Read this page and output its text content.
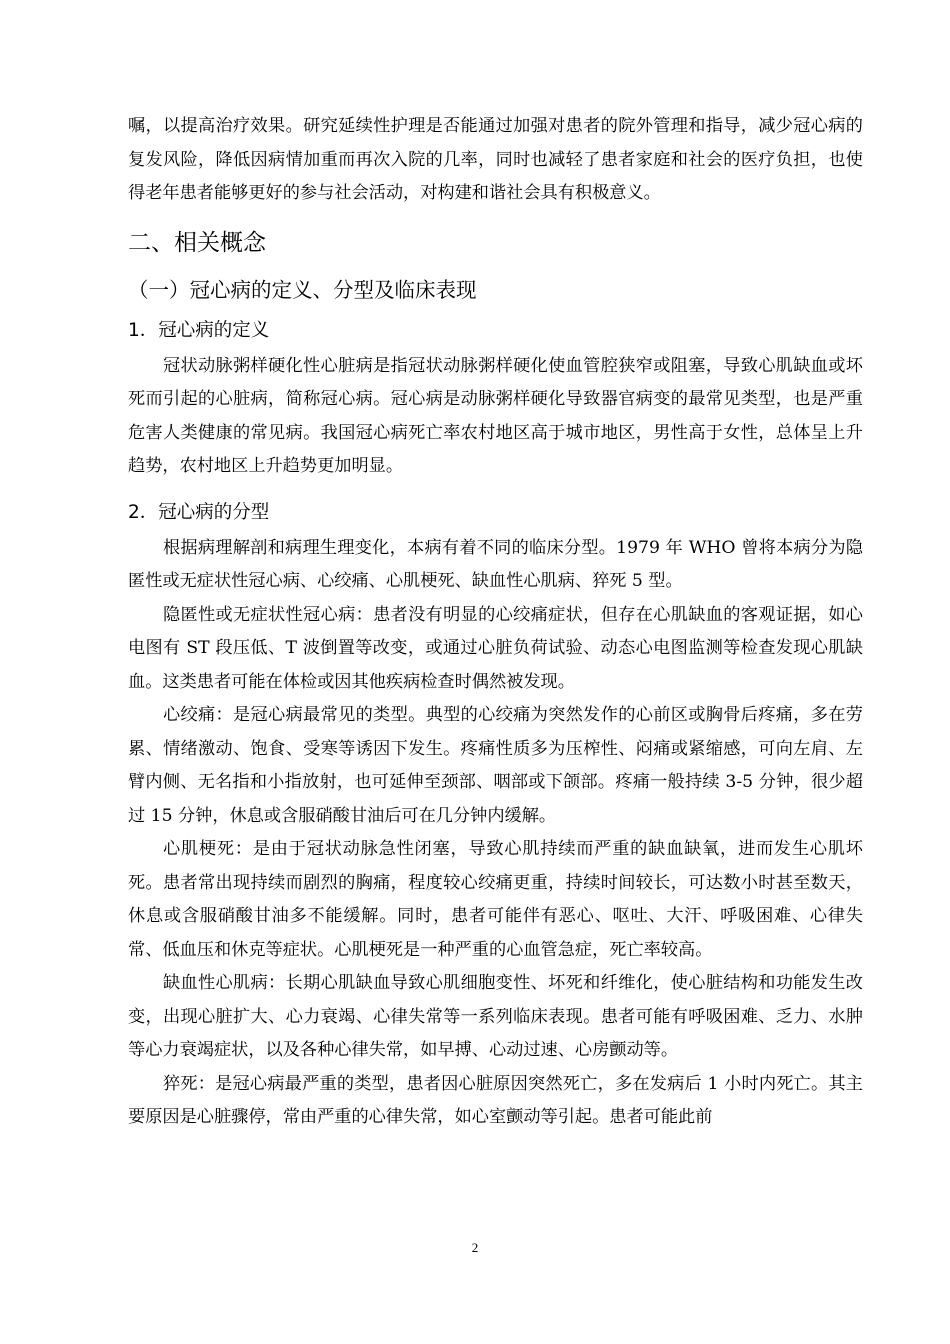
嘱，以提高治疗效果。研究延续性护理是否能通过加强对患者的院外管理和指导，减少冠心病的复发风险，降低因病情加重而再次入院的几率，同时也减轻了患者家庭和社会的医疗负担，也使得老年患者能够更好的参与社会活动，对构建和谐社会具有积极意义。

二、相关概念
（一）冠心病的定义、分型及临床表现
1．冠心病的定义

冠状动脉粥样硬化性心脏病是指冠状动脉粥样硬化使血管腔狭窄或阻塞，导致心肌缺血或坏死而引起的心脏病，简称冠心病。冠心病是动脉粥样硬化导致器官病变的最常见类型，也是严重危害人类健康的常见病。我国冠心病死亡率农村地区高于城市地区，男性高于女性，总体呈上升趋势，农村地区上升趋势更加明显。

2．冠心病的分型

根据病理解剖和病理生理变化，本病有着不同的临床分型。1979 年 WHO 曾将本病分为隐匿性或无症状性冠心病、心绞痛、心肌梗死、缺血性心肌病、猝死 5 型。

隐匿性或无症状性冠心病：患者没有明显的心绞痛症状，但存在心肌缺血的客观证据，如心电图有 ST 段压低、T 波倒置等改变，或通过心脏负荷试验、动态心电图监测等检查发现心肌缺血。这类患者可能在体检或因其他疾病检查时偶然被发现。

心绞痛：是冠心病最常见的类型。典型的心绞痛为突然发作的心前区或胸骨后疼痛，多在劳累、情绪激动、饱食、受寒等诱因下发生。疼痛性质多为压榨性、闷痛或紧缩感，可向左肩、左臂内侧、无名指和小指放射，也可延伸至颈部、咽部或下颌部。疼痛一般持续 3-5 分钟，很少超过 15 分钟，休息或含服硝酸甘油后可在几分钟内缓解。

心肌梗死：是由于冠状动脉急性闭塞，导致心肌持续而严重的缺血缺氧，进而发生心肌坏死。患者常出现持续而剧烈的胸痛，程度较心绞痛更重，持续时间较长，可达数小时甚至数天，休息或含服硝酸甘油多不能缓解。同时，患者可能伴有恶心、呕吐、大汗、呼吸困难、心律失常、低血压和休克等症状。心肌梗死是一种严重的心血管急症，死亡率较高。

缺血性心肌病：长期心肌缺血导致心肌细胞变性、坏死和纤维化，使心脏结构和功能发生改变，出现心脏扩大、心力衰竭、心律失常等一系列临床表现。患者可能有呼吸困难、乏力、水肿等心力衰竭症状，以及各种心律失常，如早搏、心动过速、心房颤动等。

猝死：是冠心病最严重的类型，患者因心脏原因突然死亡，多在发病后 1 小时内死亡。其主要原因是心脏骤停，常由严重的心律失常，如心室颤动等引起。患者可能此前

2
